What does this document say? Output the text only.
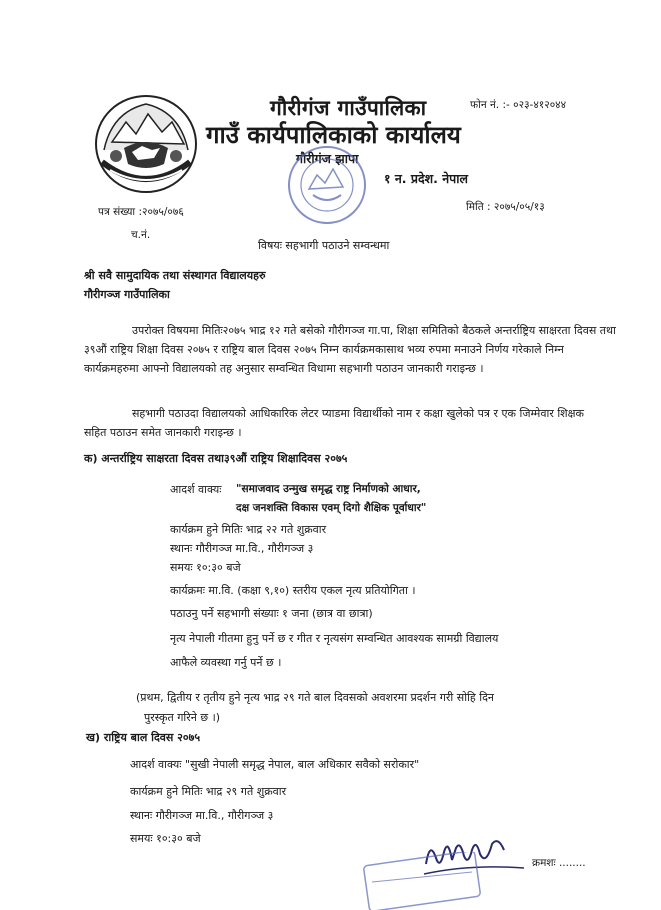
फोन नं. :- ०२३-४१२०४४
गौरीगंज गाउँपालिका
गाउँ कार्यपालिकाको कार्यालय
गौरीगंज झापा
१ न. प्रदेश. नेपाल
पत्र संख्या :२०७५/०७६	मिति : २०७५/०५/१३
च.नं.
विषयः सहभागी पठाउने सम्वन्धमा
श्री सवै सामुदायिक तथा संस्थागत विद्यालयहरु
गौरीगञ्ज गाउँपालिका
उपरोक्त विषयमा मितिः२०७५ भाद्र १२ गते बसेको गौरीगञ्ज गा.पा, शिक्षा समितिको बैठकले अन्तर्राष्ट्रिय साक्षरता दिवस तथा ३९औं राष्ट्रिय शिक्षा दिवस २०७५ र राष्ट्रिय बाल दिवस २०७५ निम्न कार्यक्रमकासाथ भव्य रुपमा मनाउने निर्णय गरेकाले निम्न कार्यक्रमहरुमा आफ्नो विद्यालयको तह अनुसार सम्वन्धित विधामा सहभागी पठाउन जानकारी गराइन्छ ।
सहभागी पठाउदा विद्यालयको आधिकारिक लेटर प्याडमा विद्यार्थीको नाम र कक्षा खुलेको पत्र र एक जिम्मेवार शिक्षक सहित पठाउन समेत जानकारी गराइन्छ ।
क) अन्तर्राष्ट्रिय साक्षरता दिवस तथा३९औं राष्ट्रिय शिक्षादिवस २०७५
आदर्श वाक्यः "समाजवाद उन्मुख समृद्ध राष्ट्र निर्माणको आधार,
दक्ष जनशक्ति विकास एवम् दिगो शैक्षिक पूर्वाधार"
कार्यक्रम हुने मितिः भाद्र २२ गते शुक्रवार
स्थानः गौरीगञ्ज मा.वि., गौरीगञ्ज ३
समयः १०:३० बजे
कार्यक्रमः मा.वि. (कक्षा ९,१०) स्तरीय एकल नृत्य प्रतियोगिता ।
पठाउनु पर्ने सहभागी संख्याः १ जना (छात्र वा छात्रा)
नृत्य नेपाली गीतमा हुनु पर्ने छ र गीत र नृत्यसंग सम्वन्धित आवश्यक सामग्री विद्यालय
आफैले व्यवस्था गर्नु पर्ने छ ।
(प्रथम, द्वितीय र तृतीय हुने नृत्य भाद्र २९ गते बाल दिवसको अवशरमा प्रदर्शन गरी सोहि दिन
पुरस्कृत गरिने छ ।)
ख) राष्ट्रिय बाल दिवस २०७५
आदर्श वाक्यः "सुखी नेपाली समृद्ध नेपाल, बाल अधिकार सवैको सरोकार"
कार्यक्रम हुने मितिः भाद्र २९ गते शुक्रवार
स्थानः गौरीगञ्ज मा.वि., गौरीगञ्ज ३
समयः १०:३० बजे
क्रमशः ........
